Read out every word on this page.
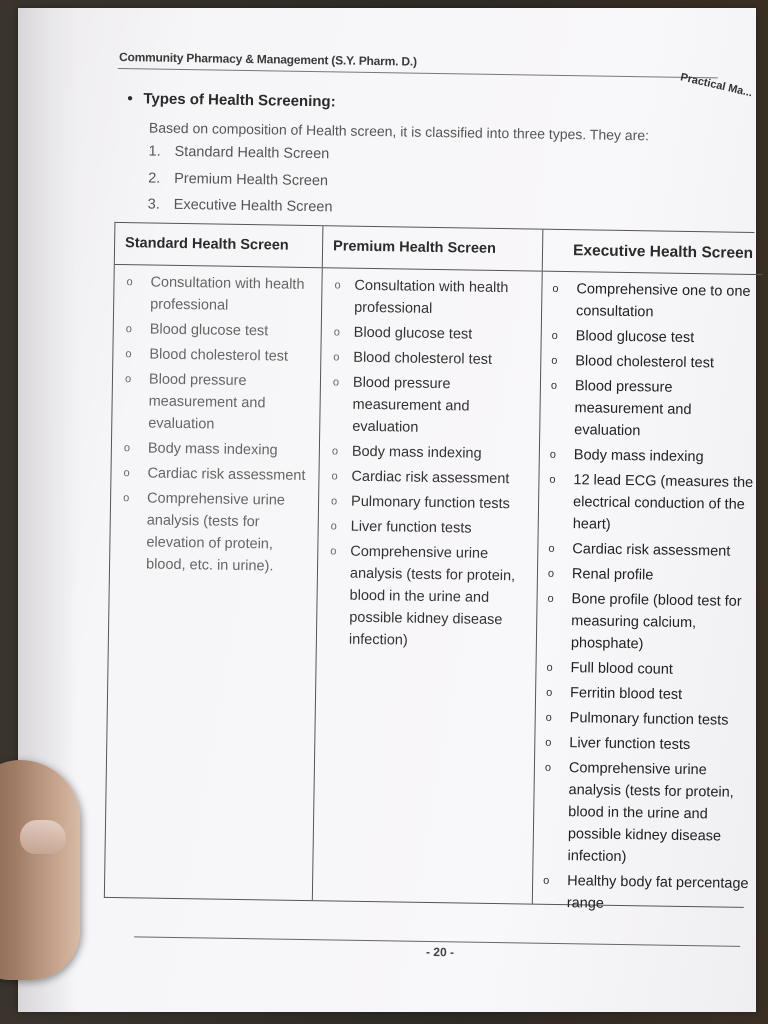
Community Pharmacy & Management (S.Y. Pharm. D.)
Practical Ma...
• Types of Health Screening:
Based on composition of Health screen, it is classified into three types. They are:
1. Standard Health Screen
2. Premium Health Screen
3. Executive Health Screen
Standard Health Screen
o Consultation with health professional
o Blood glucose test
o Blood cholesterol test
o Blood pressure measurement and evaluation
o Body mass indexing
o Cardiac risk assessment
o Comprehensive urine analysis (tests for elevation of protein, blood, etc. in urine).
Premium Health Screen
o Consultation with health professional
o Blood glucose test
o Blood cholesterol test
o Blood pressure measurement and evaluation
o Body mass indexing
o Cardiac risk assessment
o Pulmonary function tests
o Liver function tests
o Comprehensive urine analysis (tests for protein, blood in the urine and possible kidney disease infection)
Executive Health Screen
o Comprehensive one to one consultation
o Blood glucose test
o Blood cholesterol test
o Blood pressure measurement and evaluation
o Body mass indexing
o 12 lead ECG (measures the electrical conduction of the heart)
o Cardiac risk assessment
o Renal profile
o Bone profile (blood test for measuring calcium, phosphate)
o Full blood count
o Ferritin blood test
o Pulmonary function tests
o Liver function tests
o Comprehensive urine analysis (tests for protein, blood in the urine and possible kidney disease infection)
o Healthy body fat percentage range
- 20 -
